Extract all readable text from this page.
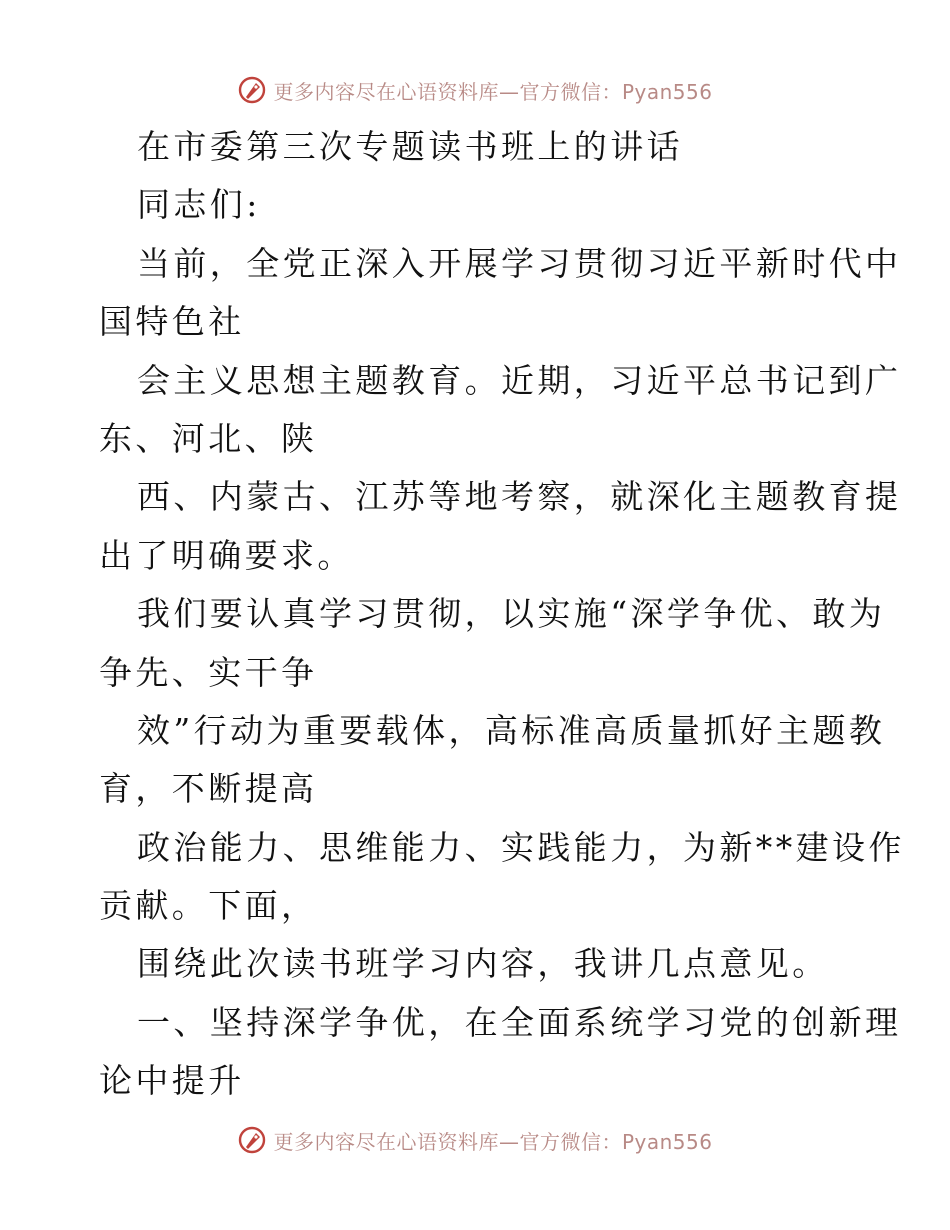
更多内容尽在心语资料库—官方微信：Pyan556
在市委第三次专题读书班上的讲话
同志们:
当前，全党正深入开展学习贯彻习近平新时代中
国特色社
会主义思想主题教育。近期，习近平总书记到广
东、河北、陕
西、内蒙古、江苏等地考察，就深化主题教育提
出了明确要求。
我们要认真学习贯彻，以实施“深学争优、敢为
争先、实干争
效”行动为重要载体，高标准高质量抓好主题教
育，不断提高
政治能力、思维能力、实践能力，为新**建设作
贡献。下面，
围绕此次读书班学习内容，我讲几点意见。
一、坚持深学争优，在全面系统学习党的创新理
论中提升
更多内容尽在心语资料库—官方微信：Pyan556
